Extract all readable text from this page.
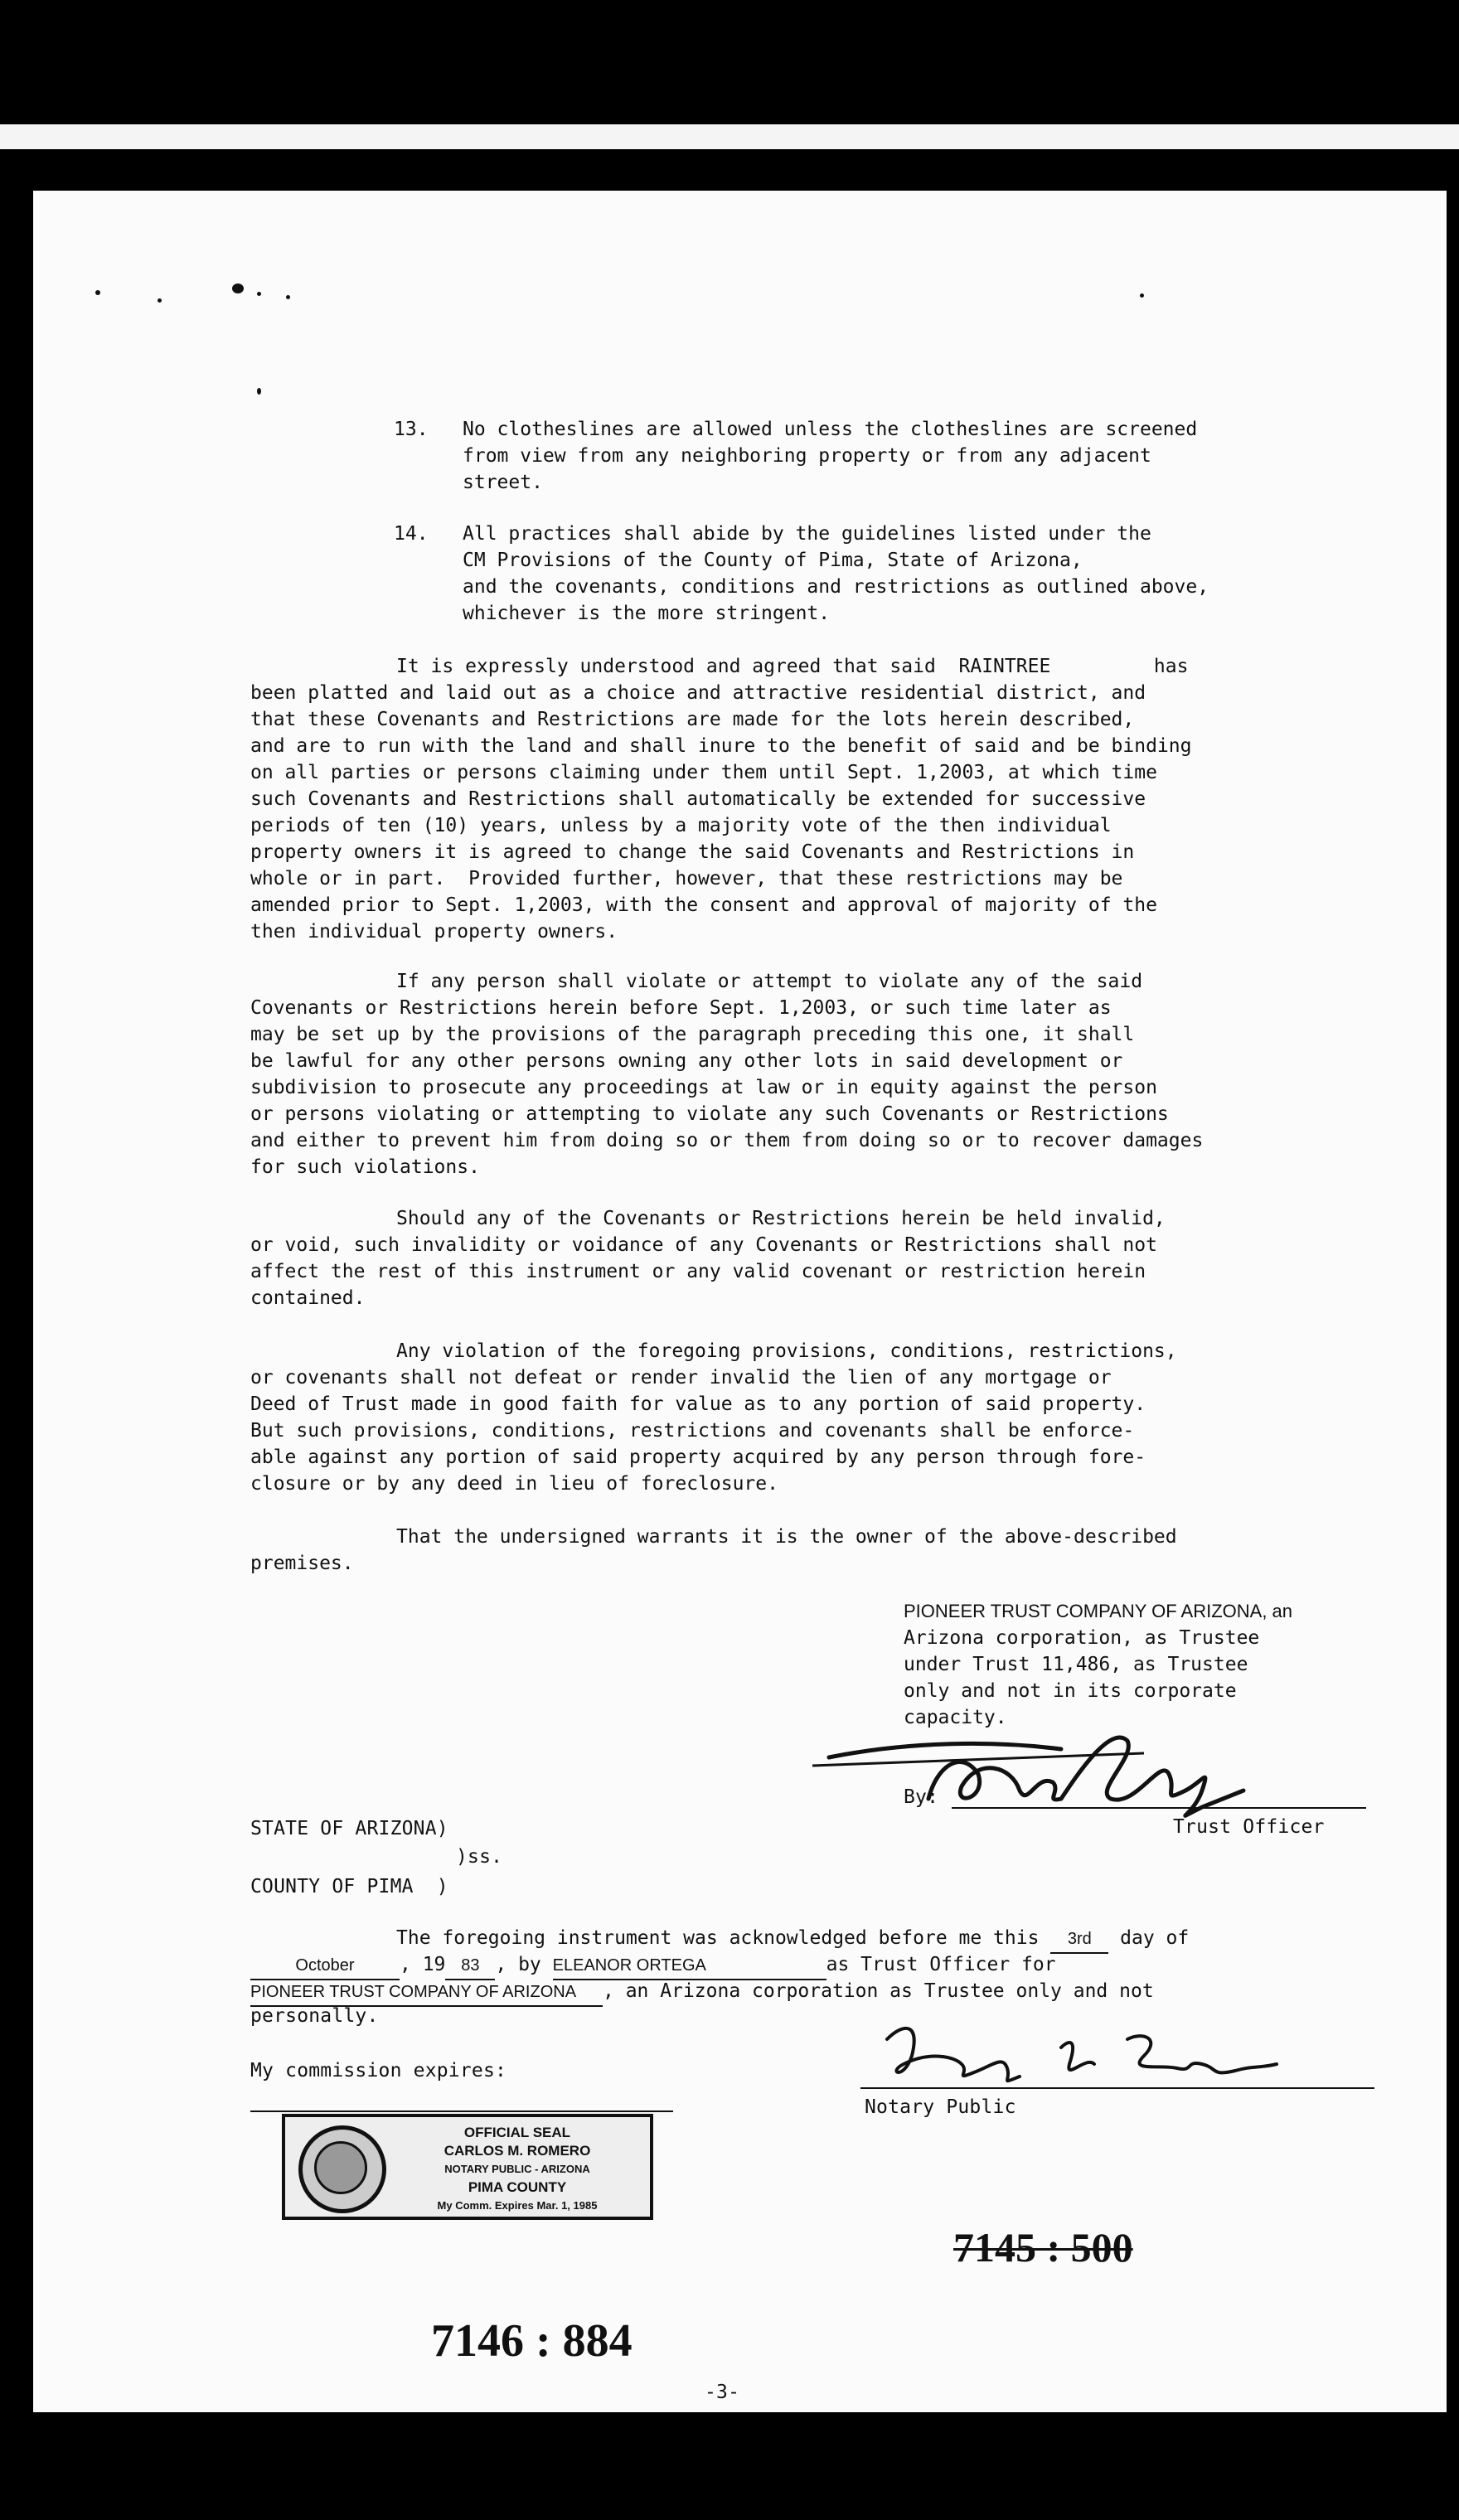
13. No clotheslines are allowed unless the clotheslines are screened
from view from any neighboring property or from any adjacent
street.
14. All practices shall abide by the guidelines listed under the
CM Provisions of the County of Pima, State of Arizona,
and the covenants, conditions and restrictions as outlined above,
whichever is the more stringent.
It is expressly understood and agreed that said  RAINTREE         has
been platted and laid out as a choice and attractive residential district, and
that these Covenants and Restrictions are made for the lots herein described,
and are to run with the land and shall inure to the benefit of said and be binding
on all parties or persons claiming under them until Sept. 1,2003, at which time
such Covenants and Restrictions shall automatically be extended for successive
periods of ten (10) years, unless by a majority vote of the then individual
property owners it is agreed to change the said Covenants and Restrictions in
whole or in part.  Provided further, however, that these restrictions may be
amended prior to Sept. 1,2003, with the consent and approval of majority of the
then individual property owners.
If any person shall violate or attempt to violate any of the said
Covenants or Restrictions herein before Sept. 1,2003, or such time later as
may be set up by the provisions of the paragraph preceding this one, it shall
be lawful for any other persons owning any other lots in said development or
subdivision to prosecute any proceedings at law or in equity against the person
or persons violating or attempting to violate any such Covenants or Restrictions
and either to prevent him from doing so or them from doing so or to recover damages
for such violations.
Should any of the Covenants or Restrictions herein be held invalid,
or void, such invalidity or voidance of any Covenants or Restrictions shall not
affect the rest of this instrument or any valid covenant or restriction herein
contained.
Any violation of the foregoing provisions, conditions, restrictions,
or covenants shall not defeat or render invalid the lien of any mortgage or
Deed of Trust made in good faith for value as to any portion of said property.
But such provisions, conditions, restrictions and covenants shall be enforce-
able against any portion of said property acquired by any person through fore-
closure or by any deed in lieu of foreclosure.
That the undersigned warrants it is the owner of the above-described
premises.
PIONEER TRUST COMPANY OF ARIZONA, an
Arizona corporation, as Trustee
under Trust 11,486, as Trustee
only and not in its corporate
capacity.
By:
Trust Officer
STATE OF ARIZONA)
)ss.
COUNTY OF PIMA  )
The foregoing instrument was acknowledged before me this 3rd day of
October , 19 83 , by ELEANOR ORTEGA	as Trust Officer for
PIONEER TRUST COMPANY OF ARIZONA , an Arizona corporation as Trustee only and not
personally.
My commission expires:
Notary Public
OFFICIAL SEAL
CARLOS M. ROMERO
NOTARY PUBLIC - ARIZONA
PIMA COUNTY
My Comm. Expires Mar. 1, 1985
7145 : 500
7146 : 884
-3-
